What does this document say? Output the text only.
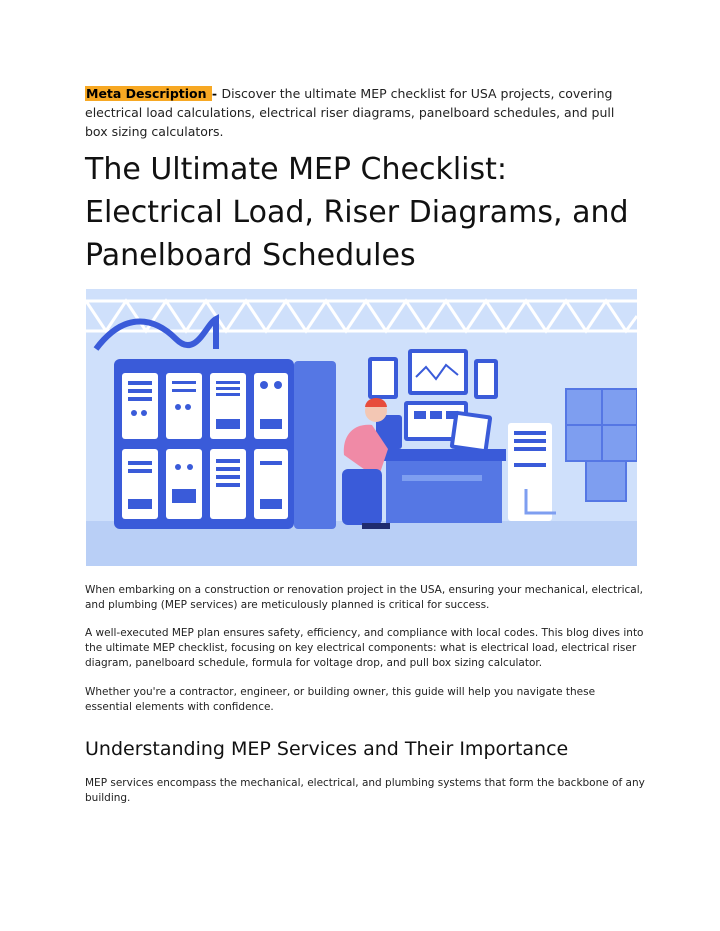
Meta Description - Discover the ultimate MEP checklist for USA projects, covering electrical load calculations, electrical riser diagrams, panelboard schedules, and pull box sizing calculators.
The Ultimate MEP Checklist: Electrical Load, Riser Diagrams, and Panelboard Schedules

When embarking on a construction or renovation project in the USA, ensuring your mechanical, electrical, and plumbing (MEP services) are meticulously planned is critical for success.

A well-executed MEP plan ensures safety, efficiency, and compliance with local codes. This blog dives into the ultimate MEP checklist, focusing on key electrical components: what is electrical load, electrical riser diagram, panelboard schedule, formula for voltage drop, and pull box sizing calculator.

Whether you're a contractor, engineer, or building owner, this guide will help you navigate these essential elements with confidence.

Understanding MEP Services and Their Importance

MEP services encompass the mechanical, electrical, and plumbing systems that form the backbone of any building.
